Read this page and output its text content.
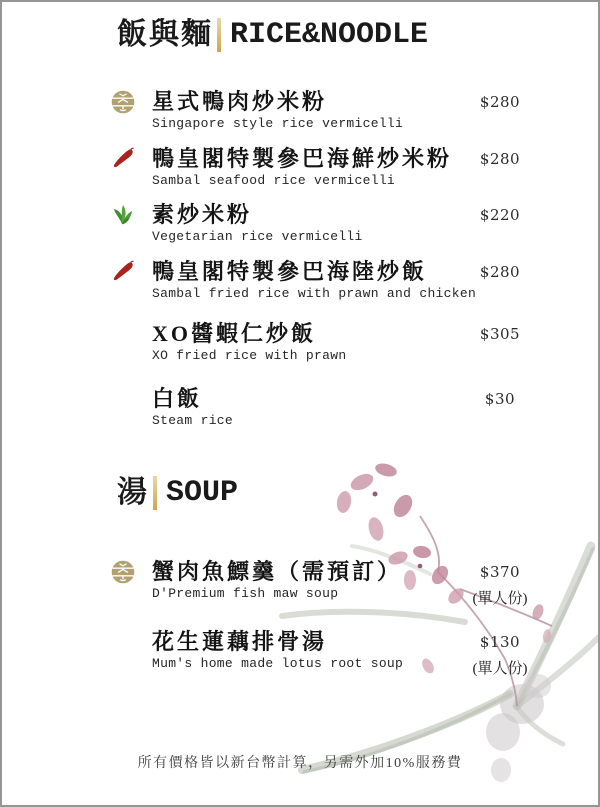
飯與麵 RICE&NOODLE
星式鴨肉炒米粉
Singapore style rice vermicelli
$280
鴨皇閣特製參巴海鮮炒米粉
Sambal seafood rice vermicelli
$280
素炒米粉
Vegetarian rice vermicelli
$220
鴨皇閣特製參巴海陸炒飯
Sambal fried rice with prawn and chicken
$280
XO醬蝦仁炒飯
XO fried rice with prawn
$305
白飯
Steam rice
$30
湯 SOUP
蟹肉魚鰾羹（需預訂）
D'Premium fish maw soup
$370
(單人份)
花生蓮藕排骨湯
Mum's home made lotus root soup
$130
(單人份)
所有價格皆以新台幣計算，另需外加10%服務費
